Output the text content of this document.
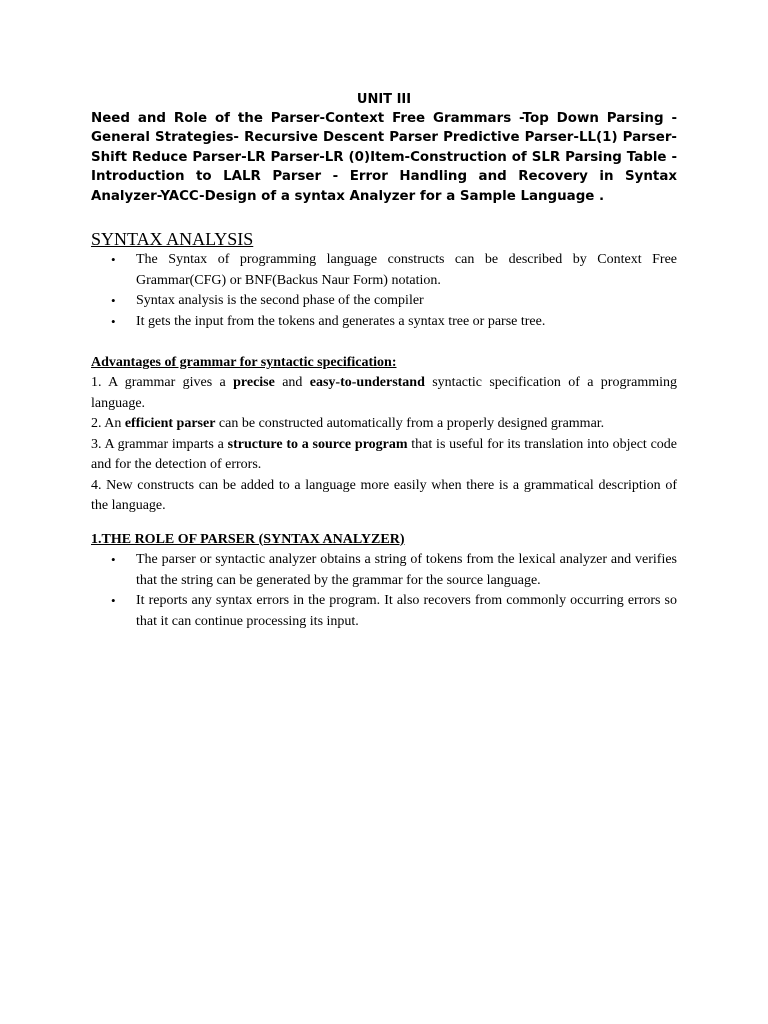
UNIT III

Need and Role of the Parser-Context Free Grammars -Top Down Parsing -General Strategies- Recursive Descent Parser Predictive Parser-LL(1) Parser-Shift Reduce Parser-LR Parser-LR (0)Item-Construction of SLR Parsing Table -Introduction to LALR Parser - Error Handling and Recovery in Syntax Analyzer-YACC-Design of a syntax Analyzer for a Sample Language .

SYNTAX ANALYSIS
• The Syntax of programming language constructs can be described by Context Free Grammar(CFG) or BNF(Backus Naur Form) notation.
• Syntax analysis is the second phase of the compiler
• It gets the input from the tokens and generates a syntax tree or parse tree.

Advantages of grammar for syntactic specification:

1. A grammar gives a precise and easy-to-understand syntactic specification of a programming language.

2. An efficient parser can be constructed automatically from a properly designed grammar.

3. A grammar imparts a structure to a source program that is useful for its translation into object code and for the detection of errors.

4. New constructs can be added to a language more easily when there is a grammatical description of the language.

1.THE ROLE OF PARSER (SYNTAX ANALYZER)

• The parser or syntactic analyzer obtains a string of tokens from the lexical analyzer and verifies that the string can be generated by the grammar for the source language.
• It reports any syntax errors in the program. It also recovers from commonly occurring errors so that it can continue processing its input.
